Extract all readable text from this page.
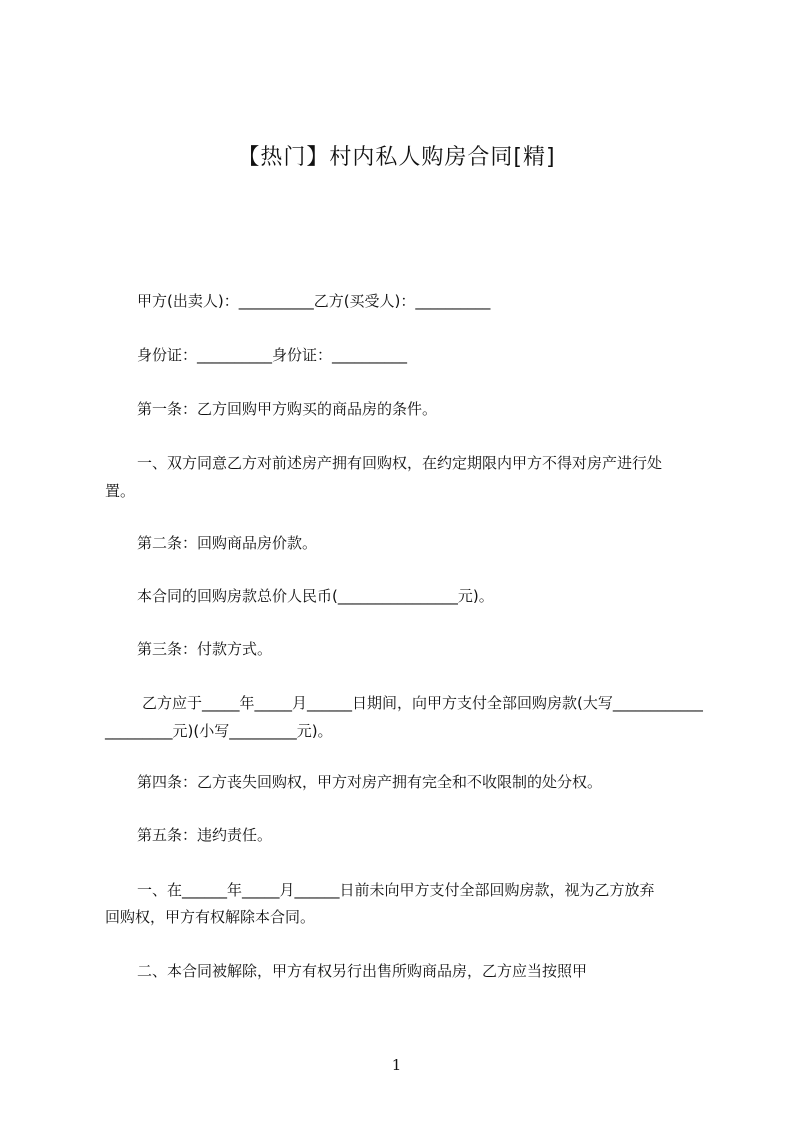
【热门】村内私人购房合同[精]
甲方(出卖人)：__________乙方(买受人)：__________
身份证：__________身份证：__________
第一条：乙方回购甲方购买的商品房的条件。
一、双方同意乙方对前述房产拥有回购权，在约定期限内甲方不得对房产进行处
置。
第二条：回购商品房价款。
本合同的回购房款总价人民币(________________元)。
第三条：付款方式。
乙方应于_____年_____月______日期间，向甲方支付全部回购房款(大写____________
_________元)(小写_________元)。
第四条：乙方丧失回购权，甲方对房产拥有完全和不收限制的处分权。
第五条：违约责任。
一、在______年_____月______日前未向甲方支付全部回购房款，视为乙方放弃
回购权，甲方有权解除本合同。
二、本合同被解除，甲方有权另行出售所购商品房，乙方应当按照甲
1
